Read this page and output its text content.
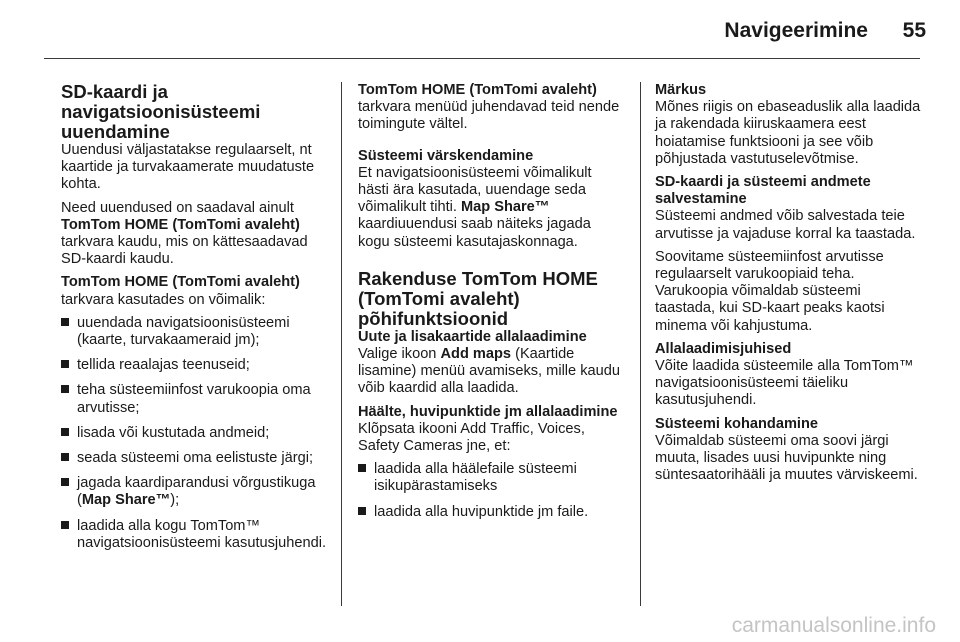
Navigeerimine 55
SD-kaardi ja navigatsioonisüsteemi uuendamine

Uuendusi väljastatakse regulaarselt, nt kaartide ja turvakaamerate muudatuste kohta.

Need uuendused on saadaval ainult TomTom HOME (TomTomi avaleht) tarkvara kaudu, mis on kättesaadavad SD-kaardi kaudu.

TomTom HOME (TomTomi avaleht) tarkvara kasutades on võimalik:

uuendada navigatsioonisüsteemi (kaarte, turvakaameraid jm);
tellida reaalajas teenuseid;
teha süsteemiinfost varukoopia oma arvutisse;
lisada või kustutada andmeid;
seada süsteemi oma eelistuste järgi;
jagada kaardiparandusi võrgustikuga (Map Share™);
laadida alla kogu TomTom™ navigatsioonisüsteemi kasutusjuhendi.

TomTom HOME (TomTomi avaleht) tarkvara menüüd juhendavad teid nende toimingute vältel.

Süsteemi värskendamine

Et navigatsioonisüsteemi võimalikult hästi ära kasutada, uuendage seda võimalikult tihti. Map Share™ kaardiuuendusi saab näiteks jagada kogu süsteemi kasutajaskonnaga.

Rakenduse TomTom HOME (TomTomi avaleht) põhifunktsioonid

Uute ja lisakaartide allalaadimine

Valige ikoon Add maps (Kaartide lisamine) menüü avamiseks, mille kaudu võib kaardid alla laadida.

Häälte, huvipunktide jm allalaadimine

Klõpsata ikooni Add Traffic, Voices, Safety Cameras jne, et:

laadida alla häälefaile süsteemi isikupärastamiseks
laadida alla huvipunktide jm faile.

Märkus

Mõnes riigis on ebaseaduslik alla laadida ja rakendada kiiruskaamera eest hoiatamise funktsiooni ja see võib põhjustada vastutuselevõtmise.

SD-kaardi ja süsteemi andmete salvestamine

Süsteemi andmed võib salvestada teie arvutisse ja vajaduse korral ka taastada.

Soovitame süsteemiinfost arvutisse regulaarselt varukoopiaid teha. Varukoopia võimaldab süsteemi taastada, kui SD-kaart peaks kaotsi minema või kahjustuma.

Allalaadimisjuhised

Võite laadida süsteemile alla TomTom™ navigatsioonisüsteemi täieliku kasutusjuhendi.

Süsteemi kohandamine

Võimaldab süsteemi oma soovi järgi muuta, lisades uusi huvipunkte ning süntesaatorihääli ja muutes värviskeemi.

carmanualsonline.info
